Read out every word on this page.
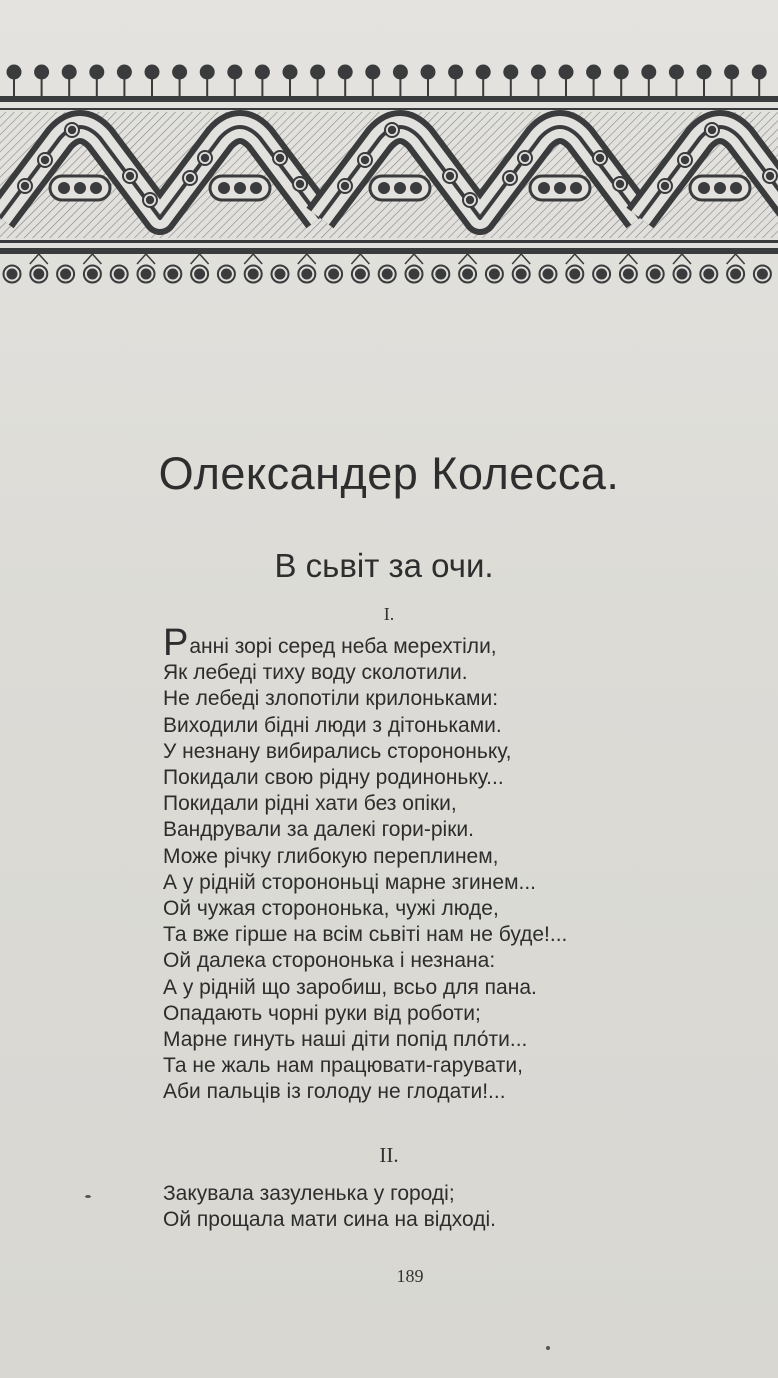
Олександер Колесса.
В сьвіт за очи.
I.
Ранні зорі серед неба мерехтіли,
Як лебеді тиху воду сколотили.
Не лебеді злопотіли крилоньками:
Виходили бідні люди з дітоньками.
У незнану вибирались сторононьку,
Покидали свою рідну родиноньку...
Покидали рідні хати без опіки,
Вандрували за далекі гори-ріки.
Може річку глибокую переплинем,
А у рідній сторононьці марне згинем...
Ой чужая сторононька, чужі люде,
Та вже гірше на всім сьвіті нам не буде!...
Ой далека сторононька і незнана:
А у рідній що заробиш, всьо для пана.
Опадають чорні руки від роботи;
Марне гинуть наші діти попід пло́ти...
Та не жаль нам працювати-гарувати,
Аби пальців із голоду не глодати!...
II.
Закувала зазуленька у городі;
Ой прощала мати сина на відході.
189
